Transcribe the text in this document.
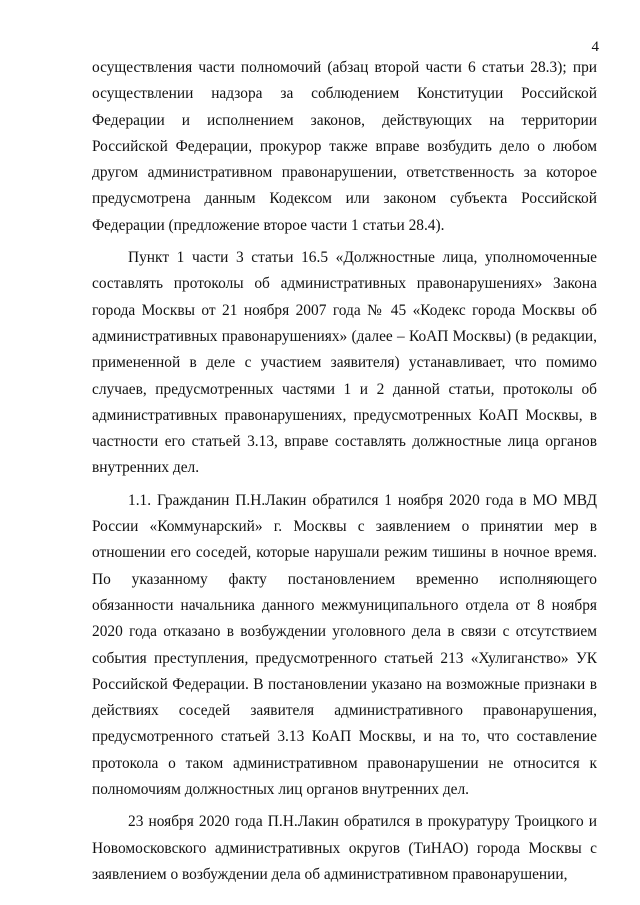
4

осуществления части полномочий (абзац второй части 6 статьи 28.3); при осуществлении надзора за соблюдением Конституции Российской Федерации и исполнением законов, действующих на территории Российской Федерации, прокурор также вправе возбудить дело о любом другом административном правонарушении, ответственность за которое предусмотрена данным Кодексом или законом субъекта Российской Федерации (предложение второе части 1 статьи 28.4).

Пункт 1 части 3 статьи 16.5 «Должностные лица, уполномоченные составлять протоколы об административных правонарушениях» Закона города Москвы от 21 ноября 2007 года № 45 «Кодекс города Москвы об административных правонарушениях» (далее – КоАП Москвы) (в редакции, примененной в деле с участием заявителя) устанавливает, что помимо случаев, предусмотренных частями 1 и 2 данной статьи, протоколы об административных правонарушениях, предусмотренных КоАП Москвы, в частности его статьей 3.13, вправе составлять должностные лица органов внутренних дел.

1.1. Гражданин П.Н.Лакин обратился 1 ноября 2020 года в МО МВД России «Коммунарский» г. Москвы с заявлением о принятии мер в отношении его соседей, которые нарушали режим тишины в ночное время. По указанному факту постановлением временно исполняющего обязанности начальника данного межмуниципального отдела от 8 ноября 2020 года отказано в возбуждении уголовного дела в связи с отсутствием события преступления, предусмотренного статьей 213 «Хулиганство» УК Российской Федерации. В постановлении указано на возможные признаки в действиях соседей заявителя административного правонарушения, предусмотренного статьей 3.13 КоАП Москвы, и на то, что составление протокола о таком административном правонарушении не относится к полномочиям должностных лиц органов внутренних дел.

23 ноября 2020 года П.Н.Лакин обратился в прокуратуру Троицкого и Новомосковского административных округов (ТиНАО) города Москвы с заявлением о возбуждении дела об административном правонарушении,
